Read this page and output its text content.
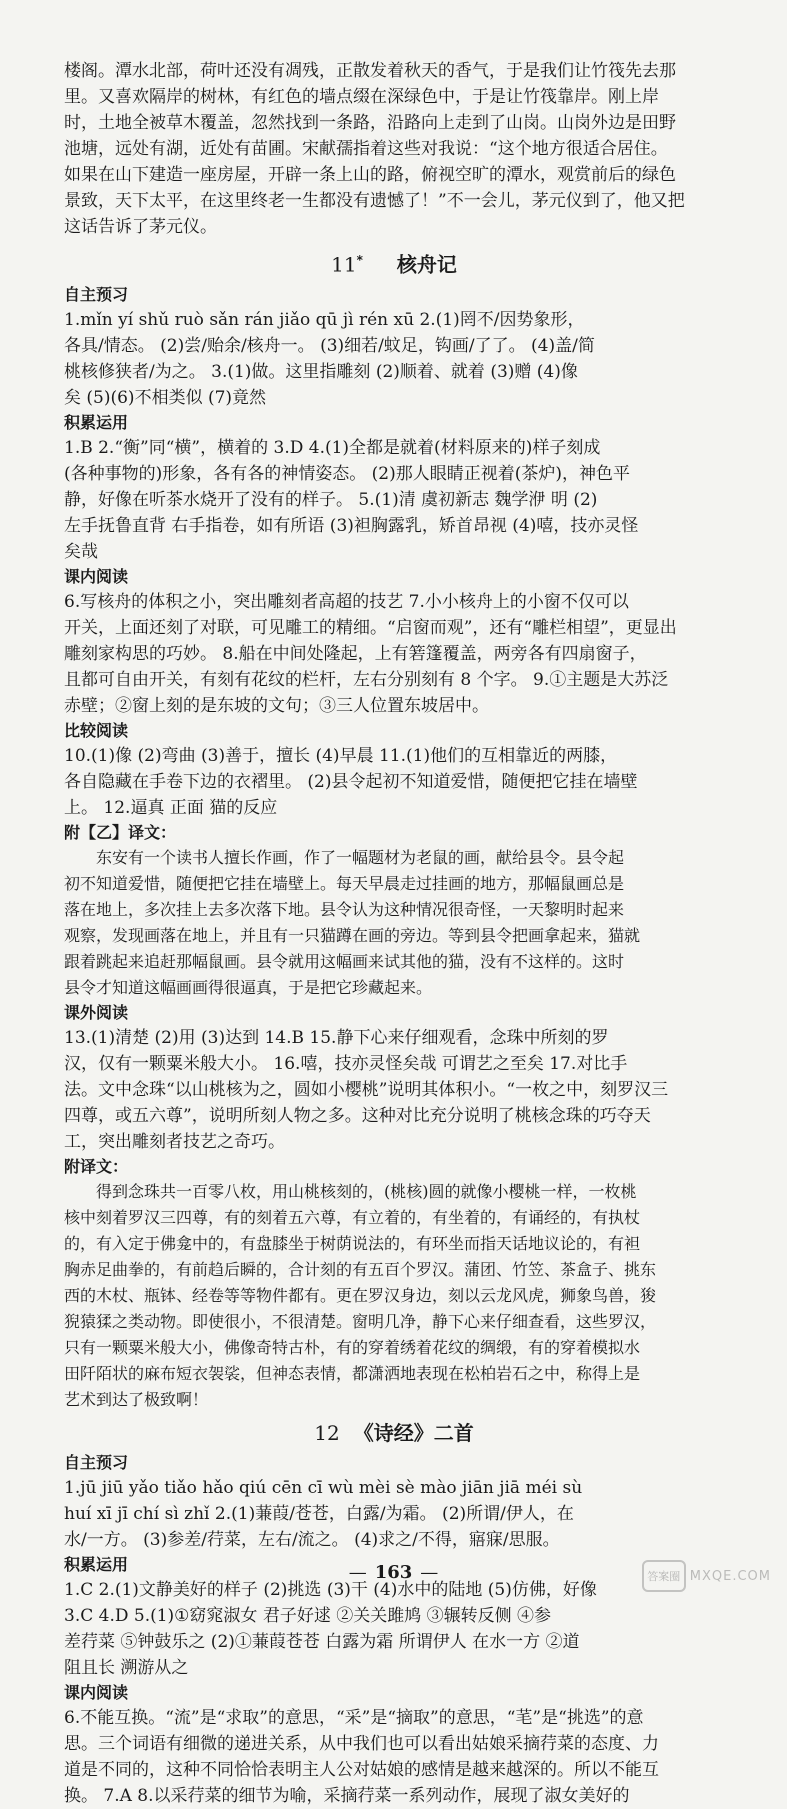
楼阁。潭水北部，荷叶还没有凋残，正散发着秋天的香气，于是我们让竹筏先去那

里。又喜欢隔岸的树林，有红色的墙点缀在深绿色中，于是让竹筏靠岸。刚上岸

时，土地全被草木覆盖，忽然找到一条路，沿路向上走到了山岗。山岗外边是田野

池塘，远处有湖，近处有苗圃。宋献孺指着这些对我说：“这个地方很适合居住。

如果在山下建造一座房屋，开辟一条上山的路，俯视空旷的潭水，观赏前后的绿色

景致，天下太平，在这里终老一生都没有遗憾了！”不一会儿，茅元仪到了，他又把

这话告诉了茅元仪。

11* 核舟记

自主预习

1.mǐn yí shǔ ruò sǎn rán jiǎo qū jì rén xū 2.(1)罔不/因势象形，

各具/情态。 (2)尝/贻余/核舟一。 (3)细若/蚊足，钩画/了了。 (4)盖/简

桃核修狭者/为之。 3.(1)做。这里指雕刻 (2)顺着、就着 (3)赠 (4)像

矣 (5)(6)不相类似 (7)竟然

积累运用

1.B 2.“衡”同“横”，横着的 3.D 4.(1)全都是就着(材料原来的)样子刻成

(各种事物的)形象，各有各的神情姿态。 (2)那人眼睛正视着(茶炉)，神色平

静，好像在听茶水烧开了没有的样子。 5.(1)清 虞初新志 魏学洢 明 (2)

左手抚鲁直背 右手指卷，如有所语 (3)袒胸露乳，矫首昂视 (4)嘻，技亦灵怪

矣哉

课内阅读

6.写核舟的体积之小，突出雕刻者高超的技艺 7.小小核舟上的小窗不仅可以

开关，上面还刻了对联，可见雕工的精细。“启窗而观”，还有“雕栏相望”，更显出

雕刻家构思的巧妙。 8.船在中间处隆起，上有箬篷覆盖，两旁各有四扇窗子，

且都可自由开关，有刻有花纹的栏杆，左右分别刻有 8 个字。 9.①主题是大苏泛

赤壁；②窗上刻的是东坡的文句；③三人位置东坡居中。

比较阅读

10.(1)像 (2)弯曲 (3)善于，擅长 (4)早晨 11.(1)他们的互相靠近的两膝，

各自隐藏在手卷下边的衣褶里。 (2)县令起初不知道爱惜，随便把它挂在墙壁

上。 12.逼真 正面 猫的反应

附【乙】译文：

东安有一个读书人擅长作画，作了一幅题材为老鼠的画，献给县令。县令起

初不知道爱惜，随便把它挂在墙壁上。每天早晨走过挂画的地方，那幅鼠画总是

落在地上，多次挂上去多次落下地。县令认为这种情况很奇怪，一天黎明时起来

观察，发现画落在地上，并且有一只猫蹲在画的旁边。等到县令把画拿起来，猫就

跟着跳起来追赶那幅鼠画。县令就用这幅画来试其他的猫，没有不这样的。这时

县令才知道这幅画画得很逼真，于是把它珍藏起来。

课外阅读

13.(1)清楚 (2)用 (3)达到 14.B 15.静下心来仔细观看，念珠中所刻的罗

汉，仅有一颗粟米般大小。 16.嘻，技亦灵怪矣哉 可谓艺之至矣 17.对比手

法。文中念珠“以山桃核为之，圆如小樱桃”说明其体积小。“一枚之中，刻罗汉三

四尊，或五六尊”，说明所刻人物之多。这种对比充分说明了桃核念珠的巧夺天

工，突出雕刻者技艺之奇巧。

附译文：

得到念珠共一百零八枚，用山桃核刻的，(桃核)圆的就像小樱桃一样，一枚桃

核中刻着罗汉三四尊，有的刻着五六尊，有立着的，有坐着的，有诵经的，有执杖

的，有入定于佛龛中的，有盘膝坐于树荫说法的，有环坐而指天话地议论的，有袒

胸赤足曲拳的，有前趋后瞬的，合计刻的有五百个罗汉。蒲团、竹笠、茶盒子、挑东

西的木杖、瓶钵、经卷等等物件都有。更在罗汉身边，刻以云龙风虎，狮象鸟兽，狻

猊猿猱之类动物。即使很小，不很清楚。窗明几净，静下心来仔细查看，这些罗汉，

只有一颗粟米般大小，佛像奇特古朴，有的穿着绣着花纹的绸缎，有的穿着模拟水

田阡陌状的麻布短衣袈裟，但神态表情，都潇洒地表现在松柏岩石之中，称得上是

艺术到达了极致啊！

12 《诗经》二首

自主预习

1.jū jiū yǎo tiǎo hǎo qiú cēn cī wù mèi sè mào jiān jiā méi sù

huí xī jī chí sì zhǐ 2.(1)蒹葭/苍苍，白露/为霜。 (2)所谓/伊人，在

水/一方。 (3)参差/荇菜，左右/流之。 (4)求之/不得，寤寐/思服。

积累运用

1.C 2.(1)文静美好的样子 (2)挑选 (3)干 (4)水中的陆地 (5)仿佛，好像

3.C 4.D 5.(1)①窈窕淑女 君子好逑 ②关关雎鸠 ③辗转反侧 ④参

差荇菜 ⑤钟鼓乐之 (2)①蒹葭苍苍 白露为霜 所谓伊人 在水一方 ②道

阻且长 溯游从之

课内阅读

6.不能互换。“流”是“求取”的意思，“采”是“摘取”的意思，“芼”是“挑选”的意

思。三个词语有细微的递进关系，从中我们也可以看出姑娘采摘荇菜的态度、力

道是不同的，这种不同恰恰表明主人公对姑娘的感情是越来越深的。所以不能互

换。 7.A 8.以采荇菜的细节为喻，采摘荇菜一系列动作，展现了淑女美好的

— 163 —	答案圈 MXQE.COM
